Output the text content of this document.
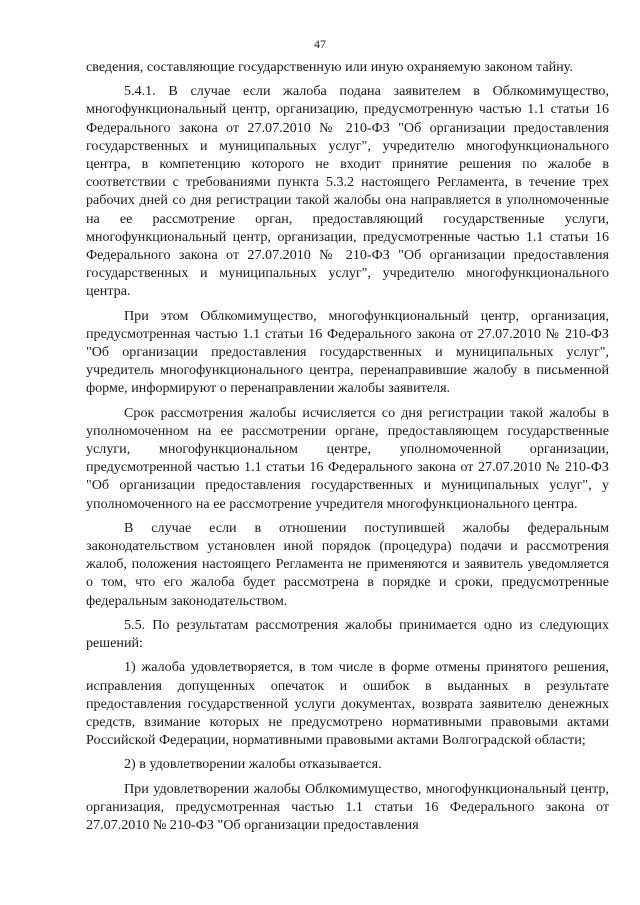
47

сведения, составляющие государственную или иную охраняемую законом тайну.

5.4.1. В случае если жалоба подана заявителем в Облкомимущество, многофункциональный центр, организацию, предусмотренную частью 1.1 статьи 16 Федерального закона от 27.07.2010 № 210-ФЗ "Об организации предоставления государственных и муниципальных услуг", учредителю многофункционального центра, в компетенцию которого не входит принятие решения по жалобе в соответствии с требованиями пункта 5.3.2 настоящего Регламента, в течение трех рабочих дней со дня регистрации такой жалобы она направляется в уполномоченные на ее рассмотрение орган, предоставляющий государственные услуги, многофункциональный центр, организации, предусмотренные частью 1.1 статьи 16 Федерального закона от 27.07.2010 № 210-ФЗ "Об организации предоставления государственных и муниципальных услуг", учредителю многофункционального центра.

При этом Облкомимущество, многофункциональный центр, организация, предусмотренная частью 1.1 статьи 16 Федерального закона от 27.07.2010 № 210-ФЗ "Об организации предоставления государственных и муниципальных услуг", учредитель многофункционального центра, перенаправившие жалобу в письменной форме, информируют о перенаправлении жалобы заявителя.

Срок рассмотрения жалобы исчисляется со дня регистрации такой жалобы в уполномоченном на ее рассмотрении органе, предоставляющем государственные услуги, многофункциональном центре, уполномоченной организации, предусмотренной частью 1.1 статьи 16 Федерального закона от 27.07.2010 № 210-ФЗ "Об организации предоставления государственных и муниципальных услуг", у уполномоченного на ее рассмотрение учредителя многофункционального центра.

В случае если в отношении поступившей жалобы федеральным законодательством установлен иной порядок (процедура) подачи и рассмотрения жалоб, положения настоящего Регламента не применяются и заявитель уведомляется о том, что его жалоба будет рассмотрена в порядке и сроки, предусмотренные федеральным законодательством.

5.5. По результатам рассмотрения жалобы принимается одно из следующих решений:

1) жалоба удовлетворяется, в том числе в форме отмены принятого решения, исправления допущенных опечаток и ошибок в выданных в результате предоставления государственной услуги документах, возврата заявителю денежных средств, взимание которых не предусмотрено нормативными правовыми актами Российской Федерации, нормативными правовыми актами Волгоградской области;

2) в удовлетворении жалобы отказывается.

При удовлетворении жалобы Облкомимущество, многофункциональный центр, организация, предусмотренная частью 1.1 статьи 16 Федерального закона от 27.07.2010 № 210-ФЗ "Об организации предоставления
